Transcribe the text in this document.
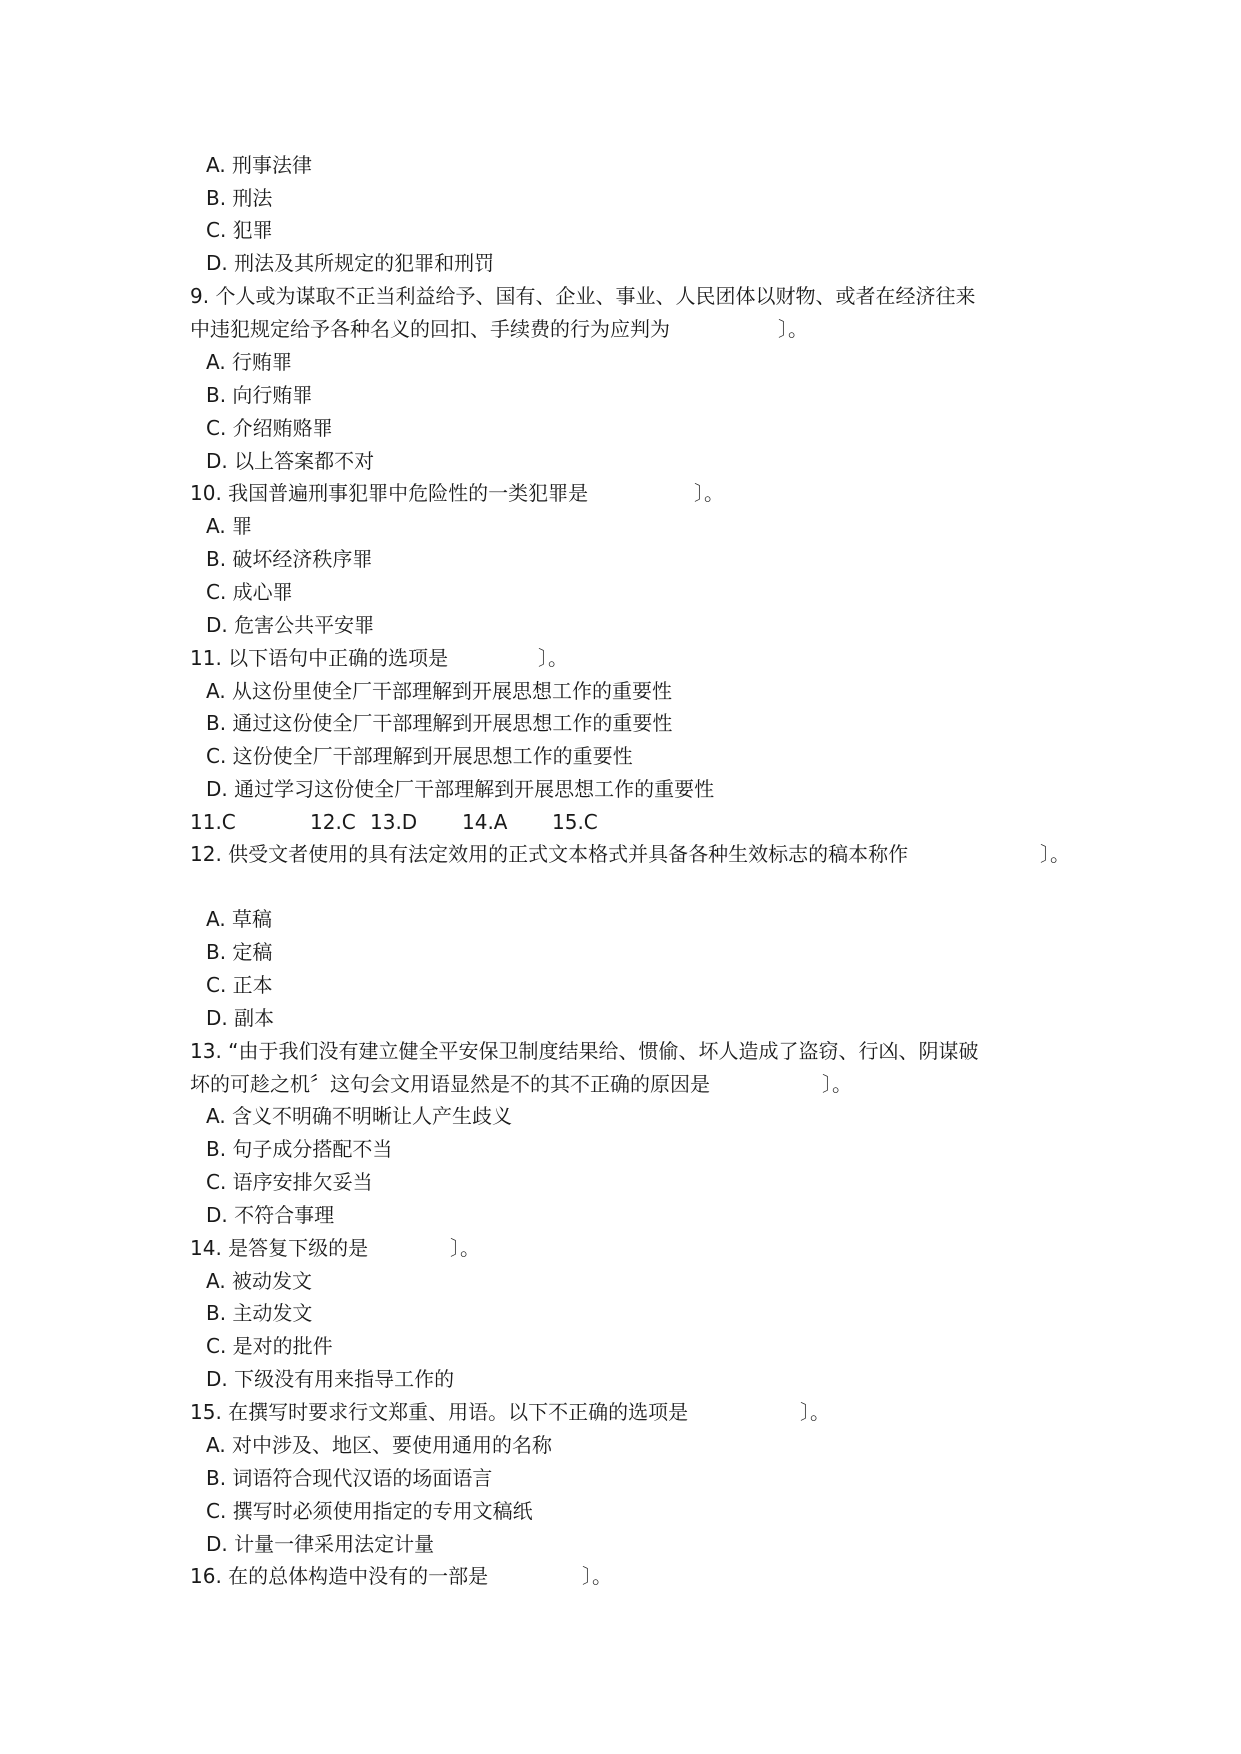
A. 刑事法律
B. 刑法
C. 犯罪
D. 刑法及其所规定的犯罪和刑罚
9. 个人或为谋取不正当利益给予、国有、企业、事业、人民团体以财物、或者在经济往来
中违犯规定给予各种名义的回扣、手续费的行为应判为	〕。
A. 行贿罪
B. 向行贿罪
C. 介绍贿赂罪
D. 以上答案都不对
10. 我国普遍刑事犯罪中危险性的一类犯罪是	〕。
A. 罪
B. 破坏经济秩序罪
C. 成心罪
D. 危害公共平安罪
11. 以下语句中正确的选项是	〕。
A. 从这份里使全厂干部理解到开展思想工作的重要性
B. 通过这份使全厂干部理解到开展思想工作的重要性
C. 这份使全厂干部理解到开展思想工作的重要性
D. 通过学习这份使全厂干部理解到开展思想工作的重要性
11.C	12.C 13.D 14.A 15.C
12. 供受文者使用的具有法定效用的正式文本格式并具备各种生效标志的稿本称作	〕。
A. 草稿
B. 定稿
C. 正本
D. 副本
13. “由于我们没有建立健全平安保卫制度结果给、惯偷、坏人造成了盗窃、行凶、阴谋破
坏的可趁之机〞这句会文用语显然是不的其不正确的原因是	〕。
A. 含义不明确不明晰让人产生歧义
B. 句子成分搭配不当
C. 语序安排欠妥当
D. 不符合事理
14. 是答复下级的是	〕。
A. 被动发文
B. 主动发文
C. 是对的批件
D. 下级没有用来指导工作的
15. 在撰写时要求行文郑重、用语。以下不正确的选项是	〕。
A. 对中涉及、地区、要使用通用的名称
B. 词语符合现代汉语的场面语言
C. 撰写时必须使用指定的专用文稿纸
D. 计量一律采用法定计量
16. 在的总体构造中没有的一部是	〕。
